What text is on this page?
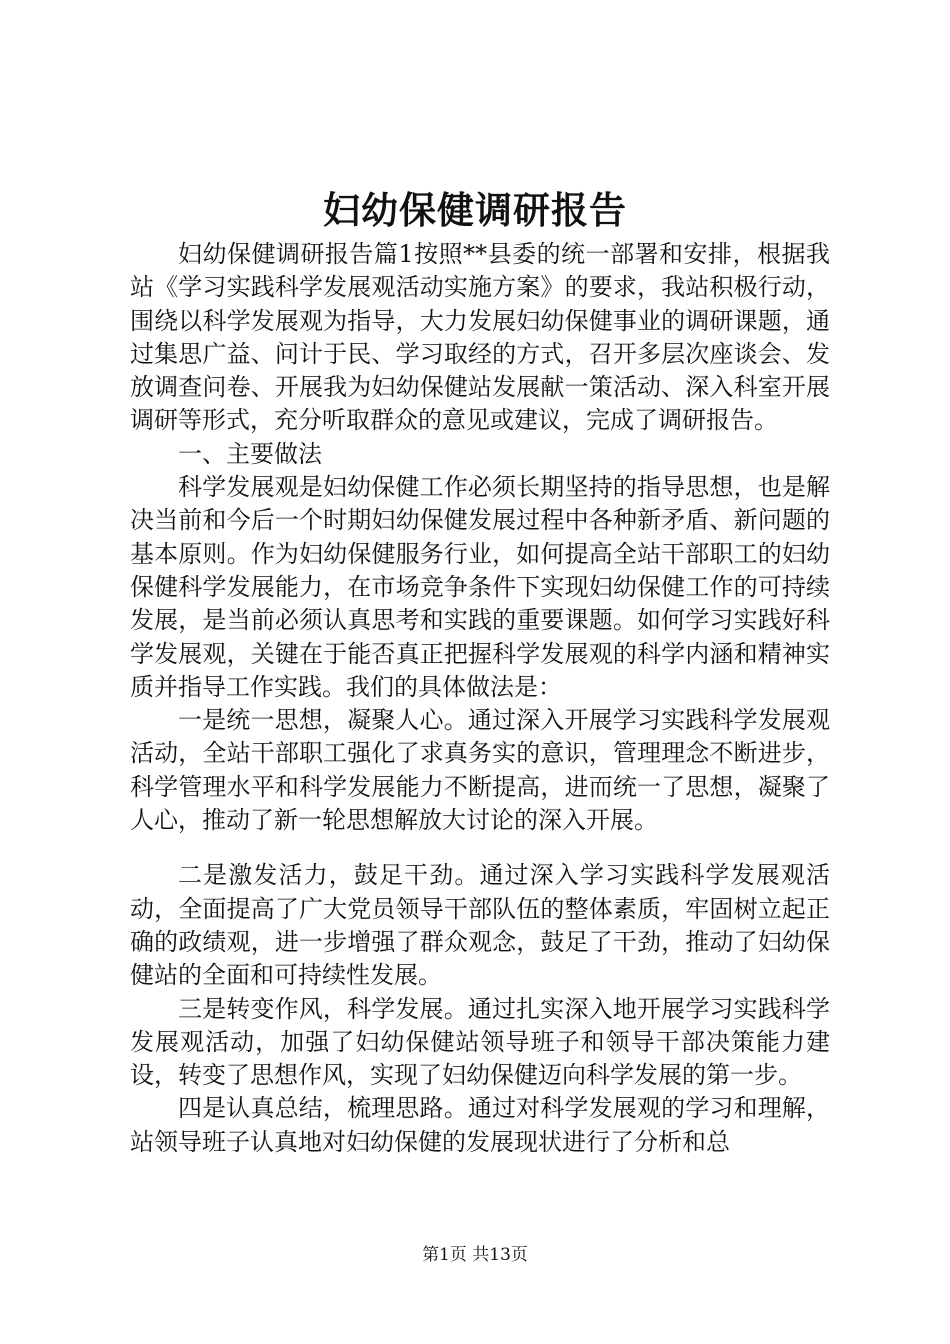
妇幼保健调研报告

妇幼保健调研报告篇1按照**县委的统一部署和安排，根据我站《学习实践科学发展观活动实施方案》的要求，我站积极行动，围绕以科学发展观为指导，大力发展妇幼保健事业的调研课题，通过集思广益、问计于民、学习取经的方式，召开多层次座谈会、发放调查问卷、开展我为妇幼保健站发展献一策活动、深入科室开展调研等形式，充分听取群众的意见或建议，完成了调研报告。

一、主要做法

科学发展观是妇幼保健工作必须长期坚持的指导思想，也是解决当前和今后一个时期妇幼保健发展过程中各种新矛盾、新问题的基本原则。作为妇幼保健服务行业，如何提高全站干部职工的妇幼保健科学发展能力，在市场竞争条件下实现妇幼保健工作的可持续发展，是当前必须认真思考和实践的重要课题。如何学习实践好科学发展观，关键在于能否真正把握科学发展观的科学内涵和精神实质并指导工作实践。我们的具体做法是：

一是统一思想，凝聚人心。通过深入开展学习实践科学发展观活动，全站干部职工强化了求真务实的意识，管理理念不断进步，科学管理水平和科学发展能力不断提高，进而统一了思想，凝聚了人心，推动了新一轮思想解放大讨论的深入开展。

二是激发活力，鼓足干劲。通过深入学习实践科学发展观活动，全面提高了广大党员领导干部队伍的整体素质，牢固树立起正确的政绩观，进一步增强了群众观念，鼓足了干劲，推动了妇幼保健站的全面和可持续性发展。

三是转变作风，科学发展。通过扎实深入地开展学习实践科学发展观活动，加强了妇幼保健站领导班子和领导干部决策能力建设，转变了思想作风，实现了妇幼保健迈向科学发展的第一步。

四是认真总结，梳理思路。通过对科学发展观的学习和理解，站领导班子认真地对妇幼保健的发展现状进行了分析和总

第1页 共13页
